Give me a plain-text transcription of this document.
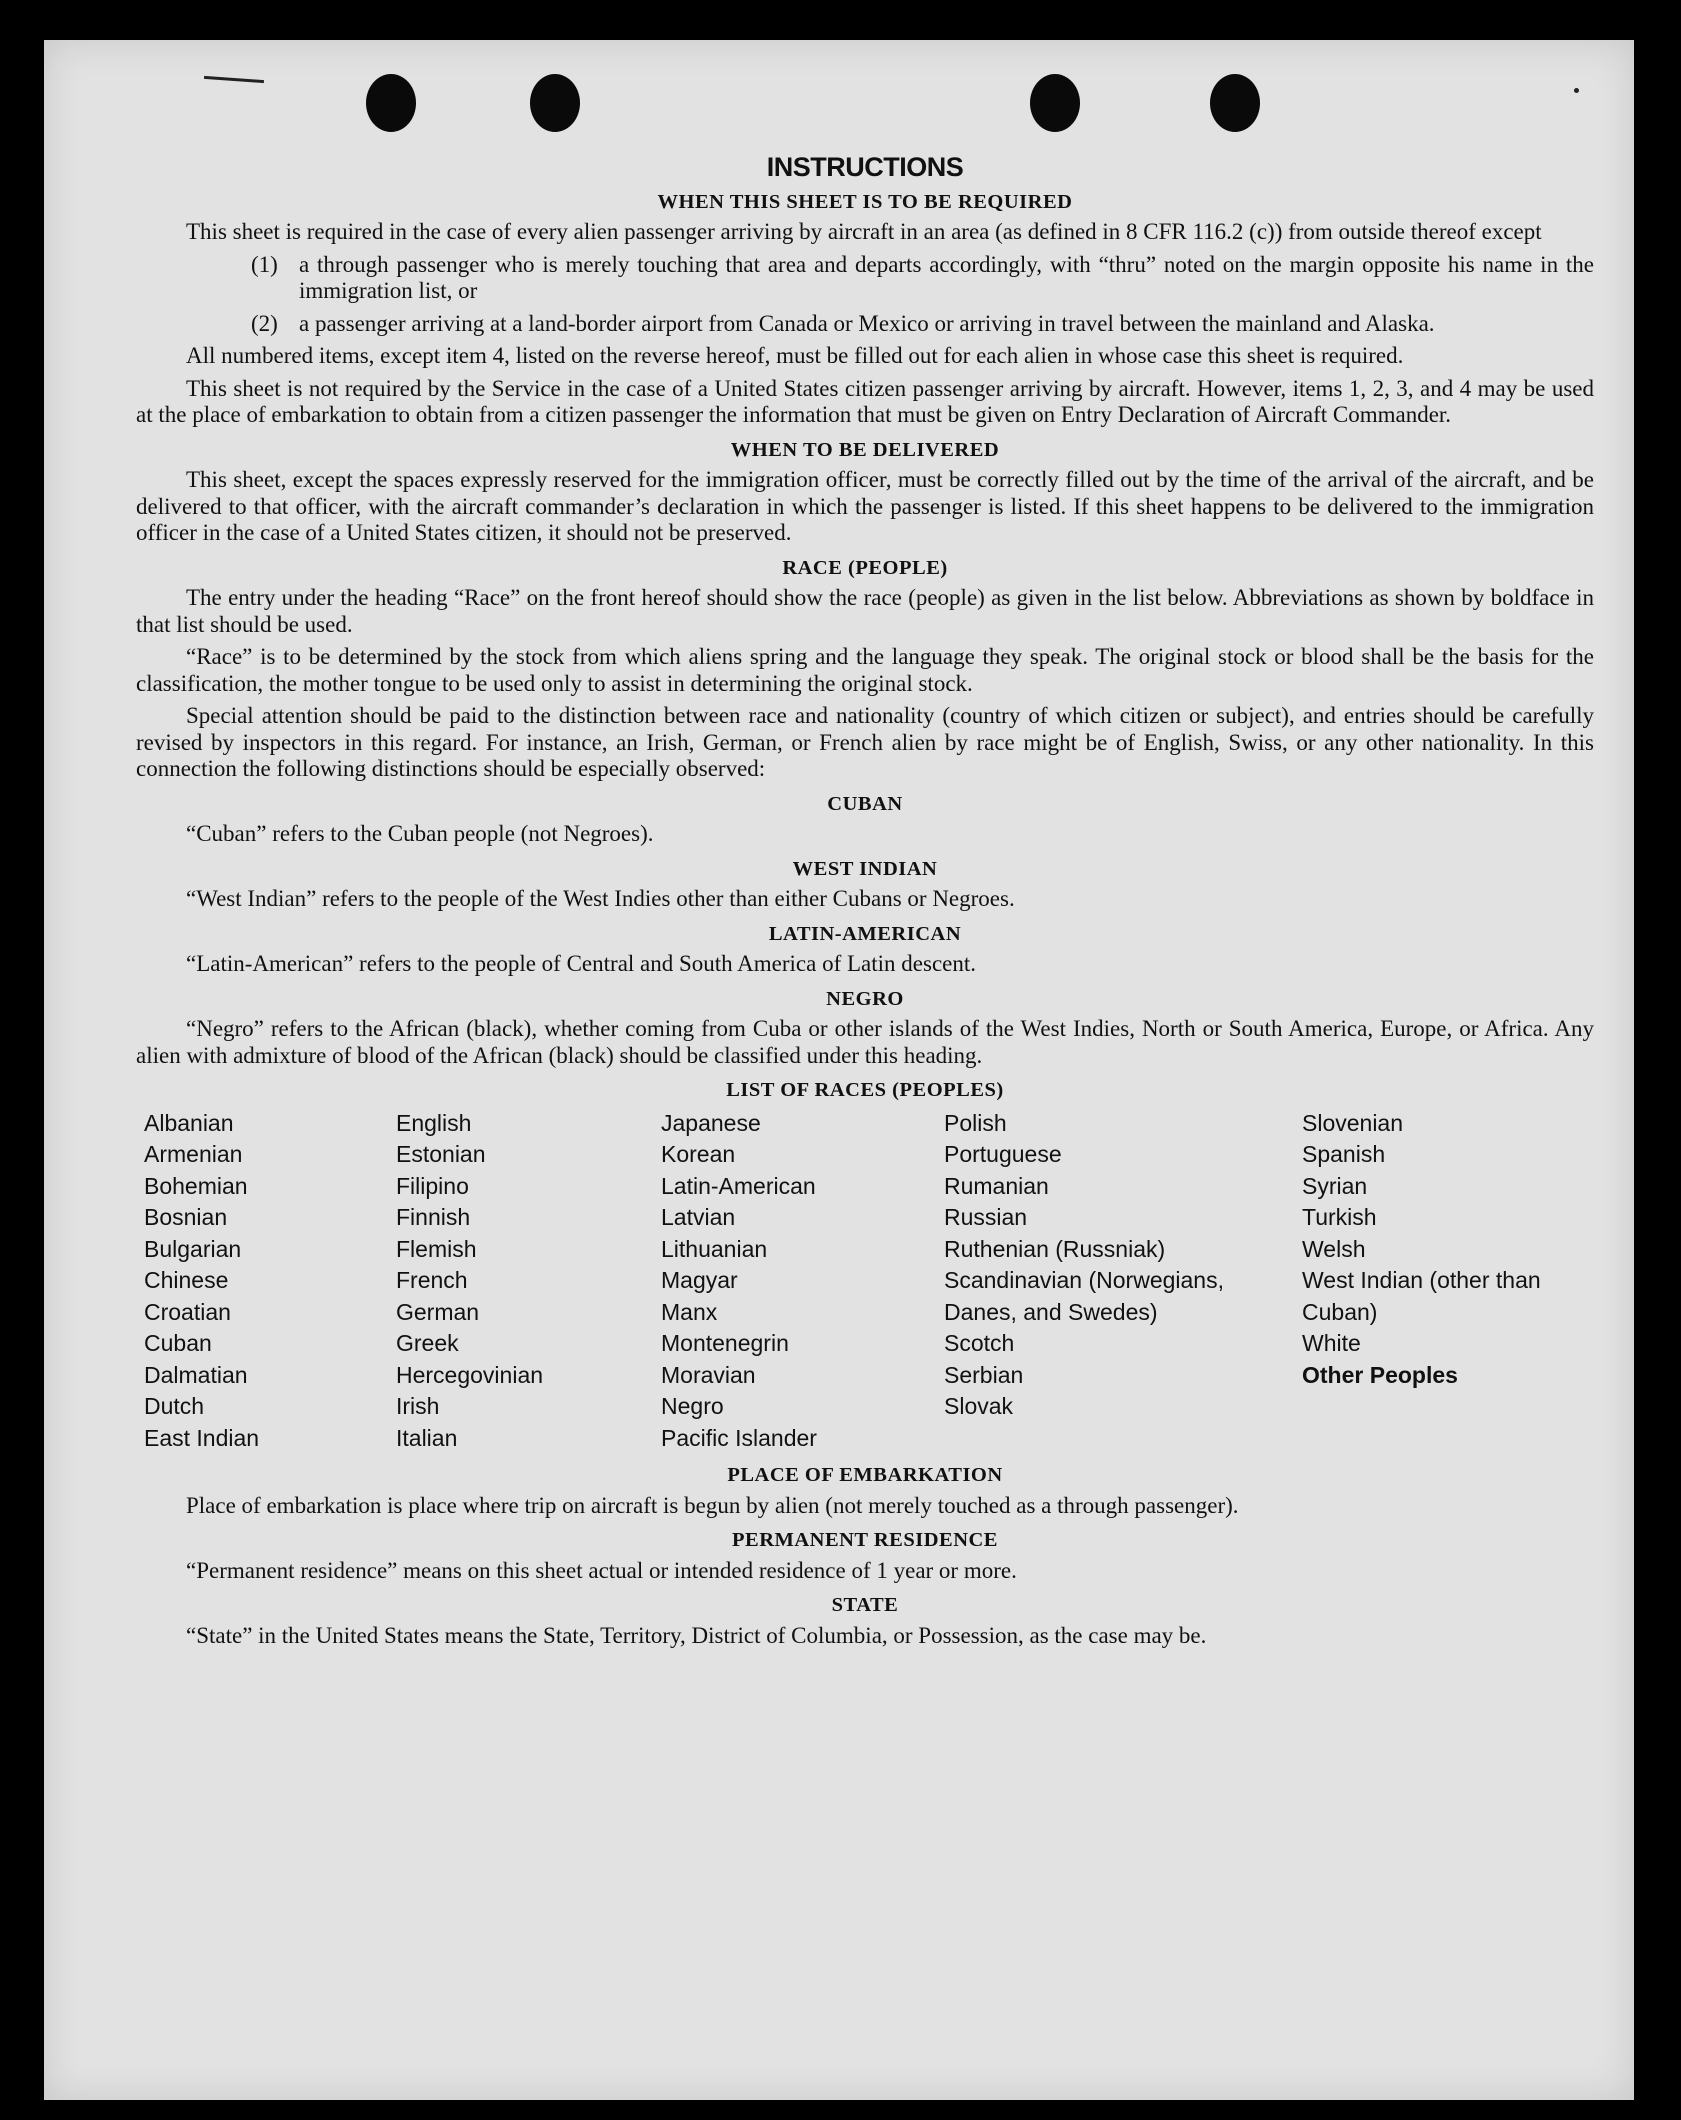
INSTRUCTIONS
WHEN THIS SHEET IS TO BE REQUIRED

This sheet is required in the case of every alien passenger arriving by aircraft in an area (as defined in 8 CFR 116.2 (c)) from outside thereof except

(1) a through passenger who is merely touching that area and departs accordingly, with “thru” noted on the margin opposite his name in the immigration list, or
(2) a passenger arriving at a land-border airport from Canada or Mexico or arriving in travel between the mainland and Alaska.

All numbered items, except item 4, listed on the reverse hereof, must be filled out for each alien in whose case this sheet is required.

This sheet is not required by the Service in the case of a United States citizen passenger arriving by aircraft. However, items 1, 2, 3, and 4 may be used at the place of embarkation to obtain from a citizen passenger the information that must be given on Entry Declaration of Aircraft Commander.

WHEN TO BE DELIVERED

This sheet, except the spaces expressly reserved for the immigration officer, must be correctly filled out by the time of the arrival of the aircraft, and be delivered to that officer, with the aircraft commander’s declaration in which the passenger is listed. If this sheet happens to be delivered to the immigration officer in the case of a United States citizen, it should not be preserved.

RACE (PEOPLE)

The entry under the heading “Race” on the front hereof should show the race (people) as given in the list below. Abbreviations as shown by boldface in that list should be used.

“Race” is to be determined by the stock from which aliens spring and the language they speak. The original stock or blood shall be the basis for the classification, the mother tongue to be used only to assist in determining the original stock.

Special attention should be paid to the distinction between race and nationality (country of which citizen or subject), and entries should be carefully revised by inspectors in this regard. For instance, an Irish, German, or French alien by race might be of English, Swiss, or any other nationality. In this connection the following distinctions should be especially observed:

CUBAN

“Cuban” refers to the Cuban people (not Negroes).

WEST INDIAN

“West Indian” refers to the people of the West Indies other than either Cubans or Negroes.

LATIN-AMERICAN

“Latin-American” refers to the people of Central and South America of Latin descent.

NEGRO

“Negro” refers to the African (black), whether coming from Cuba or other islands of the West Indies, North or South America, Europe, or Africa. Any alien with admixture of blood of the African (black) should be classified under this heading.

LIST OF RACES (PEOPLES)
Albanian
Armenian
Bohemian
Bosnian
Bulgarian
Chinese
Croatian
Cuban
Dalmatian
Dutch
East Indian
English
Estonian
Filipino
Finnish
Flemish
French
German
Greek
Hercegovinian
Irish
Italian
Japanese
Korean
Latin-American
Latvian
Lithuanian
Magyar
Manx
Montenegrin
Moravian
Negro
Pacific Islander
Polish
Portuguese
Rumanian
Russian
Ruthenian (Russniak)
Scandinavian (Norwegians, Danes, and Swedes)
Scotch
Serbian
Slovak
Slovenian
Spanish
Syrian
Turkish
Welsh
West Indian (other than Cuban)
White
Other Peoples
PLACE OF EMBARKATION

Place of embarkation is place where trip on aircraft is begun by alien (not merely touched as a through passenger).

PERMANENT RESIDENCE

“Permanent residence” means on this sheet actual or intended residence of 1 year or more.

STATE

“State” in the United States means the State, Territory, District of Columbia, or Possession, as the case may be.
